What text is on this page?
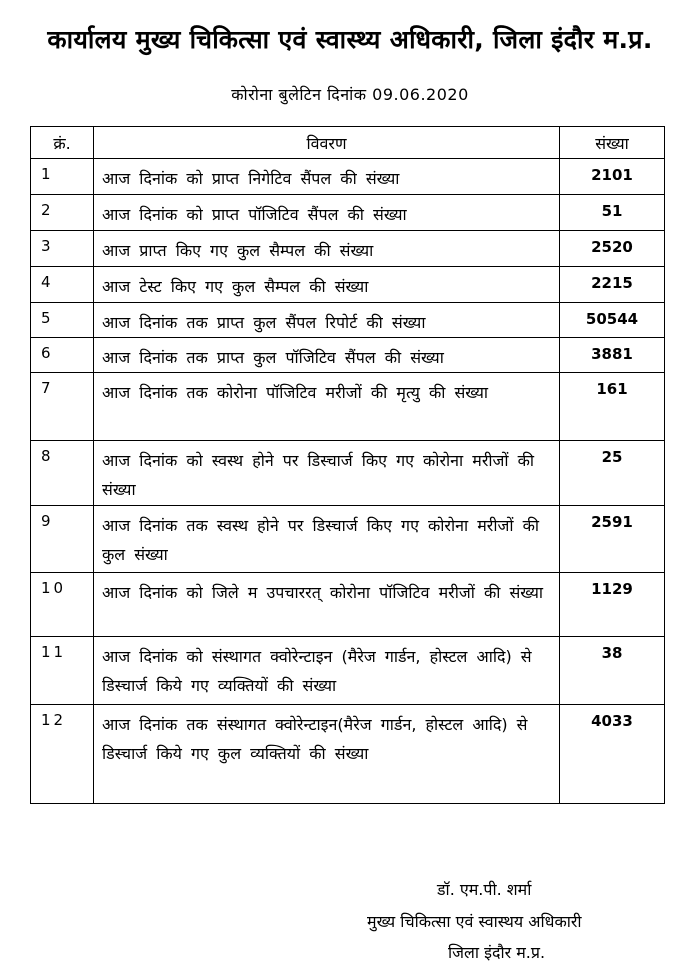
कार्यालय मुख्य चिकित्सा एवं स्वास्थ्य अधिकारी, जिला इंदौर म.प्र.
कोरोना बुलेटिन दिनांक 09.06.2020
क्रं.	विवरण	संख्या
1	आज दिनांक को प्राप्त निगेटिव सैंपल की संख्या	2101
2	आज दिनांक को प्राप्त पॉजिटिव सैंपल की संख्या	51
3	आज प्राप्त किए गए कुल सैम्पल की संख्या	2520
4	आज टेस्ट किए गए कुल सैम्पल की संख्या	2215
5	आज दिनांक तक प्राप्त कुल सैंपल रिपोर्ट की संख्या	50544
6	आज दिनांक तक प्राप्त कुल पॉजिटिव सैंपल की संख्या	3881
7	आज दिनांक तक कोरोना पॉजिटिव मरीजों की मृत्यु की संख्या	161
8	आज दिनांक को स्वस्थ होने पर डिस्चार्ज किए गए कोरोना मरीजों की संख्या	25
9	आज दिनांक तक स्वस्थ होने पर डिस्चार्ज किए गए कोरोना मरीजों की कुल संख्या	2591
10	आज दिनांक को जिले म उपचाररत् कोरोना पॉजिटिव मरीजों की संख्या	1129
11	आज दिनांक को संस्थागत क्वोरेन्टाइन (मैरेज गार्डन, होस्टल आदि) से डिस्चार्ज किये गए व्यक्तियों की संख्या	38
12	आज दिनांक तक संस्थागत क्वोरेन्टाइन(मैरेज गार्डन, होस्टल आदि) से डिस्चार्ज किये गए कुल व्यक्तियों की संख्या	4033
डॉ. एम.पी. शर्मा
मुख्य चिकित्सा एवं स्वास्थय अधिकारी
जिला इंदौर म.प्र.
